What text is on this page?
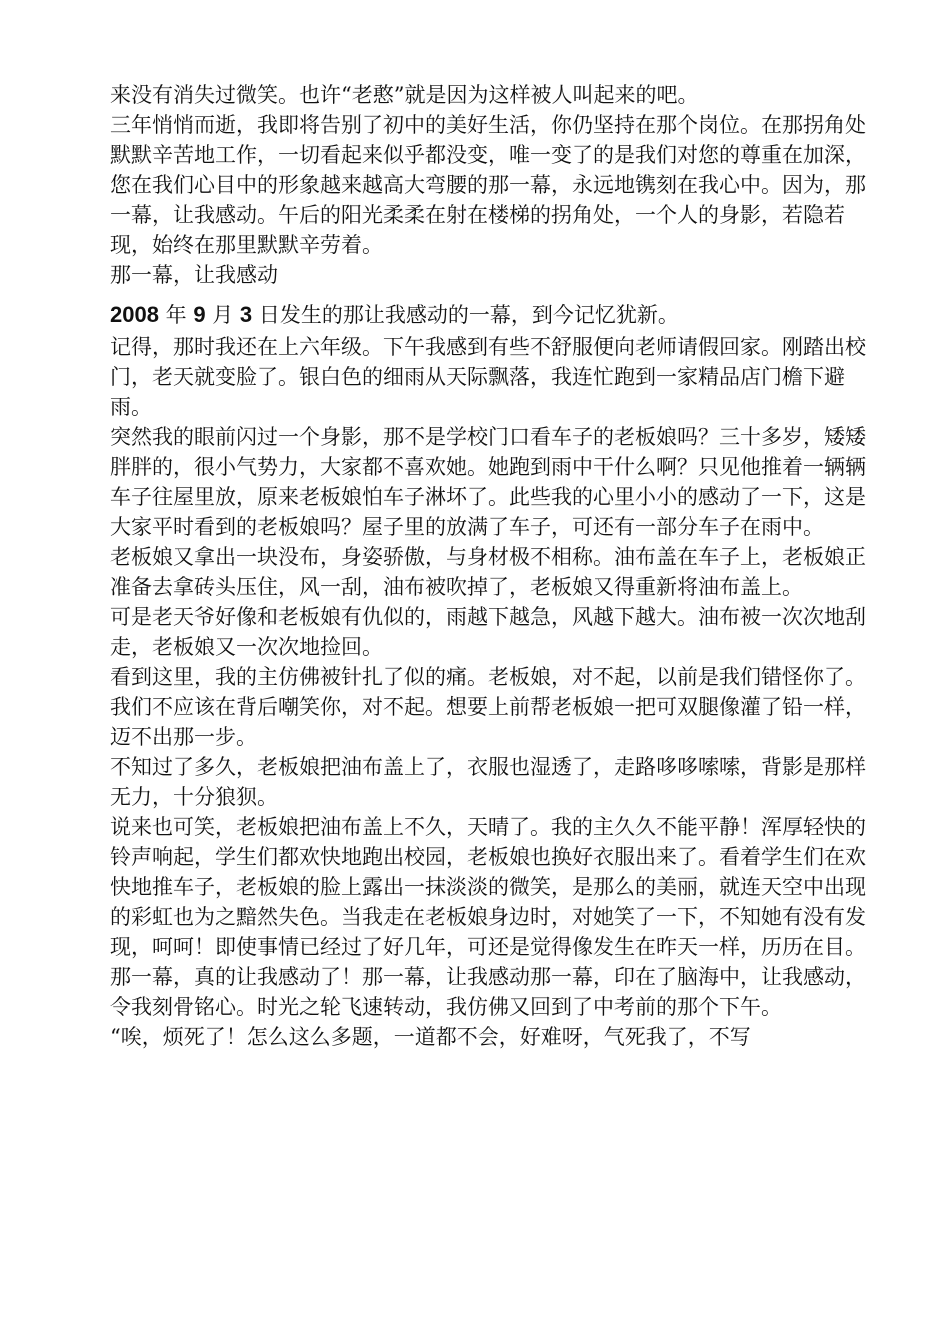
来没有消失过微笑。也许“老憨”就是因为这样被人叫起来的吧。

三年悄悄而逝，我即将告别了初中的美好生活，你仍坚持在那个岗位。在那拐角处默默辛苦地工作，一切看起来似乎都没变，唯一变了的是我们对您的尊重在加深，您在我们心目中的形象越来越高大弯腰的那一幕，永远地镌刻在我心中。因为，那一幕，让我感动。午后的阳光柔柔在射在楼梯的拐角处，一个人的身影，若隐若现，始终在那里默默辛劳着。

那一幕，让我感动

2008 年 9 月 3 日发生的那让我感动的一幕，到今记忆犹新。

记得，那时我还在上六年级。下午我感到有些不舒服便向老师请假回家。刚踏出校门，老天就变脸了。银白色的细雨从天际飘落，我连忙跑到一家精品店门檐下避雨。

突然我的眼前闪过一个身影，那不是学校门口看车子的老板娘吗？三十多岁，矮矮胖胖的，很小气势力，大家都不喜欢她。她跑到雨中干什么啊？只见他推着一辆辆车子往屋里放，原来老板娘怕车子淋坏了。此些我的心里小小的感动了一下，这是大家平时看到的老板娘吗？屋子里的放满了车子，可还有一部分车子在雨中。

老板娘又拿出一块没布，身姿骄傲，与身材极不相称。油布盖在车子上，老板娘正准备去拿砖头压住，风一刮，油布被吹掉了，老板娘又得重新将油布盖上。

可是老天爷好像和老板娘有仇似的，雨越下越急，风越下越大。油布被一次次地刮走，老板娘又一次次地捡回。

看到这里，我的主仿佛被针扎了似的痛。老板娘，对不起，以前是我们错怪你了。我们不应该在背后嘲笑你，对不起。想要上前帮老板娘一把可双腿像灌了铅一样，迈不出那一步。

不知过了多久，老板娘把油布盖上了，衣服也湿透了，走路哆哆嗦嗦，背影是那样无力，十分狼狈。

说来也可笑，老板娘把油布盖上不久，天晴了。我的主久久不能平静！浑厚轻快的铃声响起，学生们都欢快地跑出校园，老板娘也换好衣服出来了。看着学生们在欢快地推车子，老板娘的脸上露出一抹淡淡的微笑，是那么的美丽，就连天空中出现的彩虹也为之黯然失色。当我走在老板娘身边时，对她笑了一下，不知她有没有发现，呵呵！即使事情已经过了好几年，可还是觉得像发生在昨天一样，历历在目。

那一幕，真的让我感动了！那一幕，让我感动那一幕，印在了脑海中，让我感动，令我刻骨铭心。时光之轮飞速转动，我仿佛又回到了中考前的那个下午。

“唉，烦死了！怎么这么多题，一道都不会，好难呀，气死我了，不写
